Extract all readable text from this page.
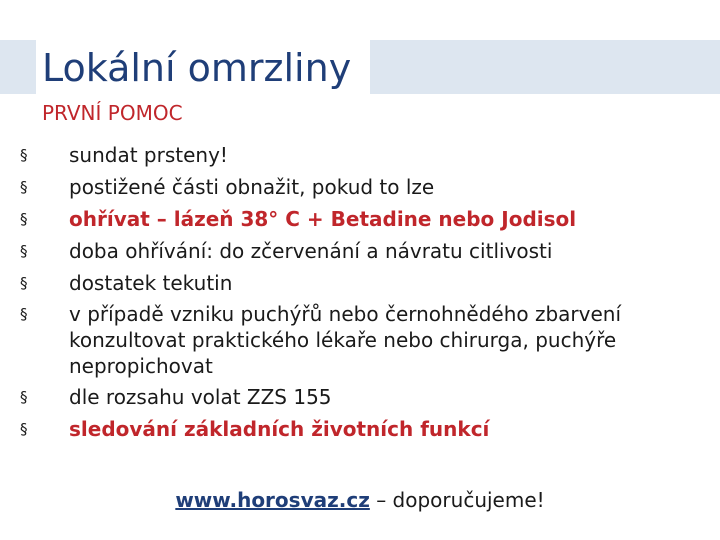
Lokální omrzliny
PRVNÍ POMOC
§ sundat prsteny!
§ postižené části obnažit, pokud to lze
§ ohřívat – lázeň 38° C + Betadine nebo Jodisol
§ doba ohřívání: do zčervenání a návratu citlivosti
§ dostatek tekutin
§ v případě vzniku puchýřů nebo černohnědého zbarvení konzultovat praktického lékaře nebo chirurga, puchýře nepropichovat
§ dle rozsahu volat ZZS 155
§ sledování základních životních funkcí
www.horosvaz.cz – doporučujeme!
